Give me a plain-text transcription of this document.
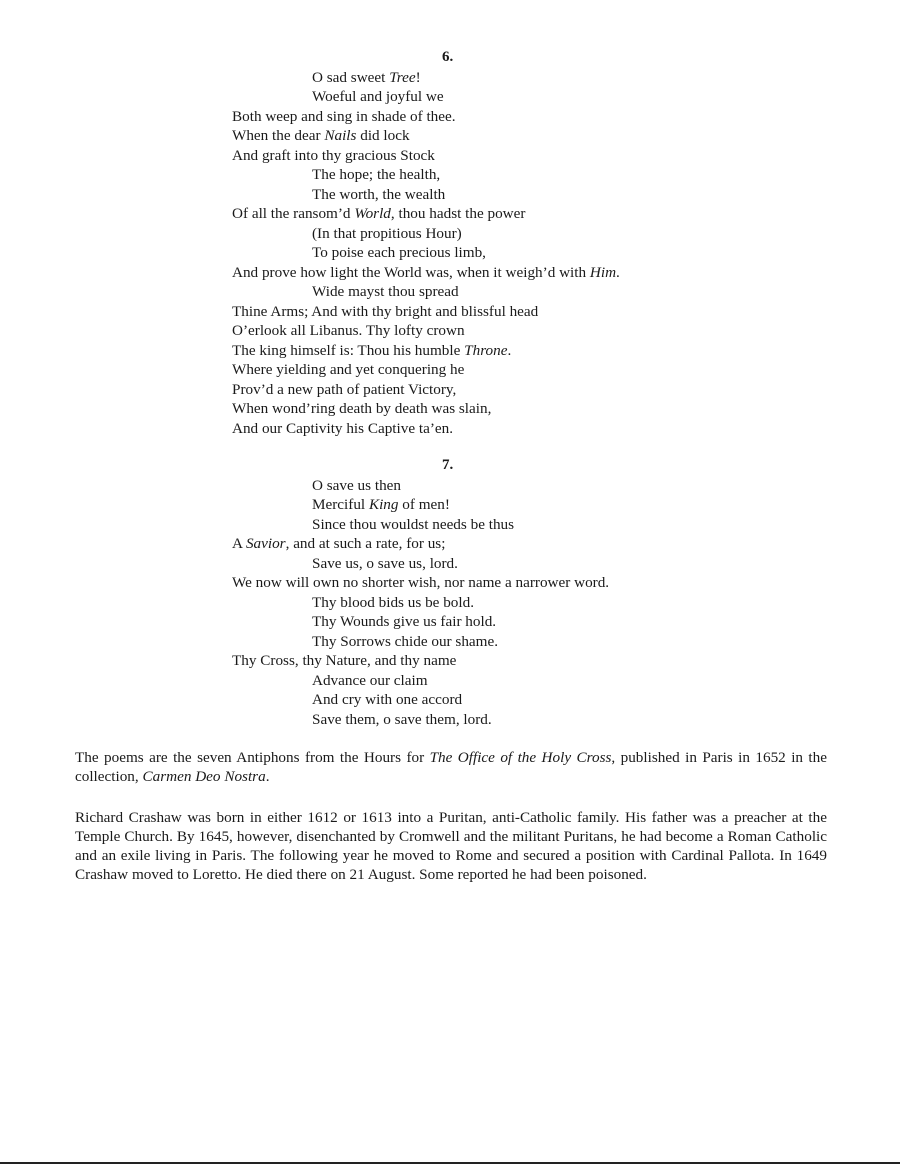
6.
O sad sweet Tree!
Woeful and joyful we
Both weep and sing in shade of thee.
When the dear Nails did lock
And graft into thy gracious Stock
The hope; the health,
The worth, the wealth
Of all the ransom’d World, thou hadst the power
(In that propitious Hour)
To poise each precious limb,
And prove how light the World was, when it weigh’d with Him.
Wide mayst thou spread
Thine Arms; And with thy bright and blissful head
O’erlook all Libanus. Thy lofty crown
The king himself is: Thou his humble Throne.
Where yielding and yet conquering he
Prov’d a new path of patient Victory,
When wond’ring death by death was slain,
And our Captivity his Captive ta’en.
7.
O save us then
Merciful King of men!
Since thou wouldst needs be thus
A Savior, and at such a rate, for us;
Save us, o save us, lord.
We now will own no shorter wish, nor name a narrower word.
Thy blood bids us be bold.
Thy Wounds give us fair hold.
Thy Sorrows chide our shame.
Thy Cross, thy Nature, and thy name
Advance our claim
And cry with one accord
Save them, o save them, lord.

The poems are the seven Antiphons from the Hours for The Office of the Holy Cross, published in Paris in 1652 in the collection, Carmen Deo Nostra.

Richard Crashaw was born in either 1612 or 1613 into a Puritan, anti-Catholic family. His father was a preacher at the Temple Church. By 1645, however, disenchanted by Cromwell and the militant Puritans, he had become a Roman Catholic and an exile living in Paris. The following year he moved to Rome and secured a position with Cardinal Pallota. In 1649 Crashaw moved to Loretto. He died there on 21 August. Some reported he had been poisoned.
